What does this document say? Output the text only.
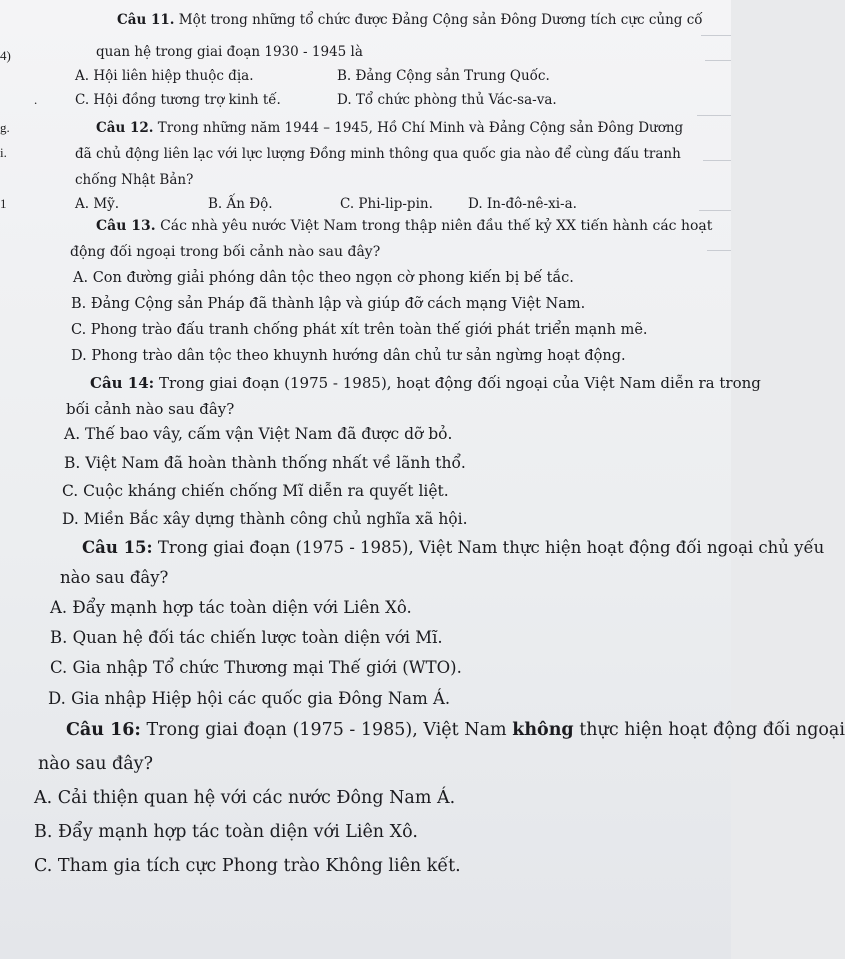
4)
.
g.
i.
1
Câu 11. Một trong những tổ chức được Đảng Cộng sản Đông Dương tích cực củng cố
quan hệ trong giai đoạn 1930 - 1945 là
A. Hội liên hiệp thuộc địa.	B. Đảng Cộng sản Trung Quốc.
C. Hội đồng tương trợ kinh tế.	D. Tổ chức phòng thủ Vác-sa-va.
Câu 12. Trong những năm 1944 – 1945, Hồ Chí Minh và Đảng Cộng sản Đông Dương
đã chủ động liên lạc với lực lượng Đồng minh thông qua quốc gia nào để cùng đấu tranh
chống Nhật Bản?
A. Mỹ.	B. Ấn Độ.	C. Phi-lip-pin.	D. In-đô-nê-xi-a.
Câu 13. Các nhà yêu nước Việt Nam trong thập niên đầu thế kỷ XX tiến hành các hoạt
động đối ngoại trong bối cảnh nào sau đây?
A. Con đường giải phóng dân tộc theo ngọn cờ phong kiến bị bế tắc.
B. Đảng Cộng sản Pháp đã thành lập và giúp đỡ cách mạng Việt Nam.
C. Phong trào đấu tranh chống phát xít trên toàn thế giới phát triển mạnh mẽ.
D. Phong trào dân tộc theo khuynh hướng dân chủ tư sản ngừng hoạt động.
Câu 14: Trong giai đoạn (1975 - 1985), hoạt động đối ngoại của Việt Nam diễn ra trong
bối cảnh nào sau đây?
A. Thế bao vây, cấm vận Việt Nam đã được dỡ bỏ.
B. Việt Nam đã hoàn thành thống nhất về lãnh thổ.
C. Cuộc kháng chiến chống Mĩ diễn ra quyết liệt.
D. Miền Bắc xây dựng thành công chủ nghĩa xã hội.
Câu 15: Trong giai đoạn (1975 - 1985), Việt Nam thực hiện hoạt động đối ngoại chủ yếu
nào sau đây?
A. Đẩy mạnh hợp tác toàn diện với Liên Xô.
B. Quan hệ đối tác chiến lược toàn diện với Mĩ.
C. Gia nhập Tổ chức Thương mại Thế giới (WTO).
D. Gia nhập Hiệp hội các quốc gia Đông Nam Á.
Câu 16: Trong giai đoạn (1975 - 1985), Việt Nam không thực hiện hoạt động đối ngoại
nào sau đây?
A. Cải thiện quan hệ với các nước Đông Nam Á.
B. Đẩy mạnh hợp tác toàn diện với Liên Xô.
C. Tham gia tích cực Phong trào Không liên kết.
